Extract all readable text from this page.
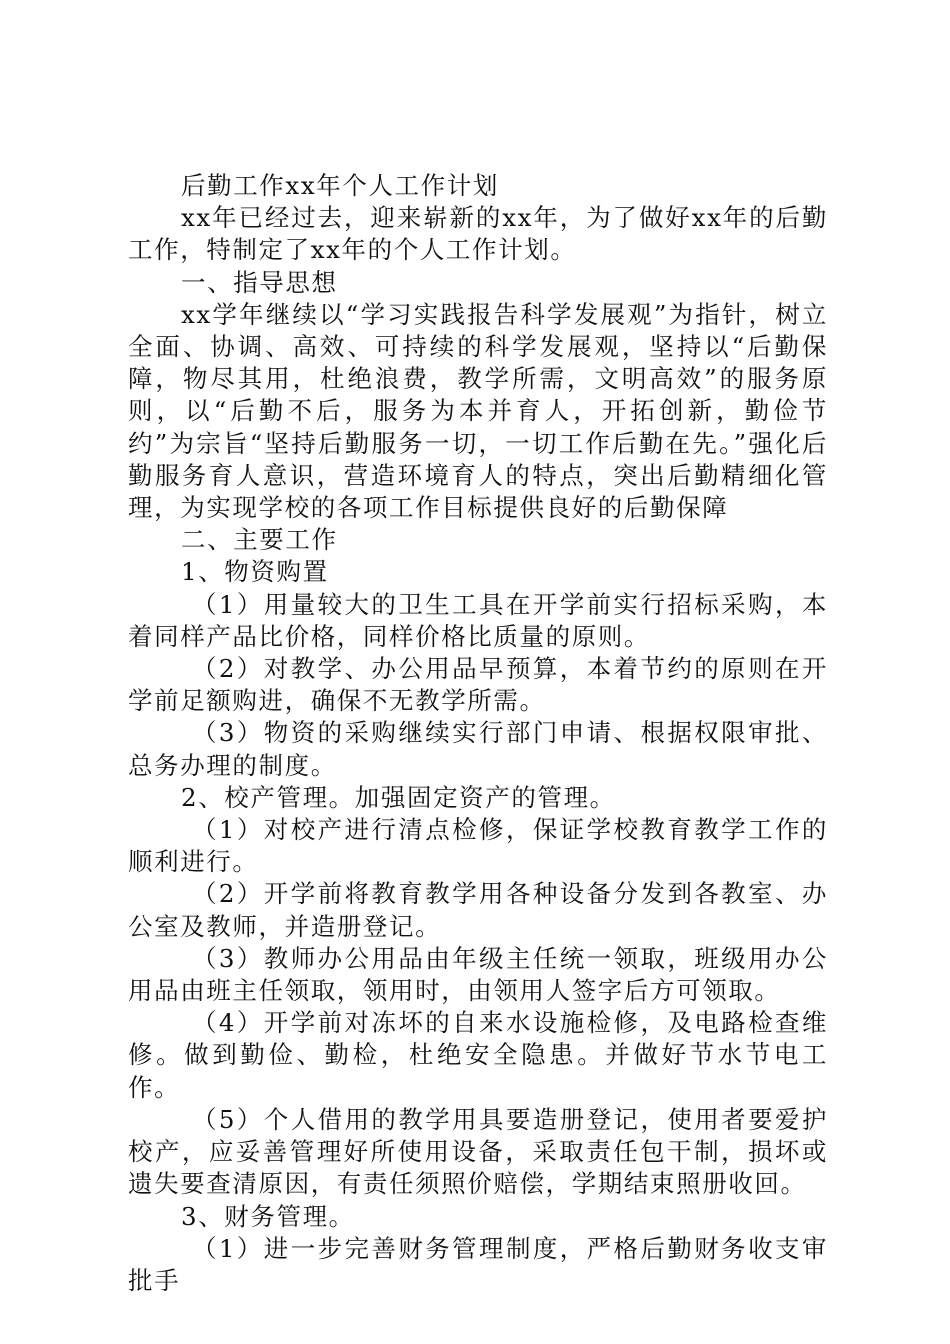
后勤工作xx年个人工作计划

xx年已经过去，迎来崭新的xx年，为了做好xx年的后勤工作，特制定了xx年的个人工作计划。

一、指导思想

xx学年继续以“学习实践报告科学发展观”为指针，树立全面、协调、高效、可持续的科学发展观，坚持以“后勤保障，物尽其用，杜绝浪费，教学所需，文明高效”的服务原则，以“后勤不后，服务为本并育人，开拓创新，勤俭节约”为宗旨“坚持后勤服务一切，一切工作后勤在先。”强化后勤服务育人意识，营造环境育人的特点，突出后勤精细化管理，为实现学校的各项工作目标提供良好的后勤保障

二、主要工作

1、物资购置

（1）用量较大的卫生工具在开学前实行招标采购，本着同样产品比价格，同样价格比质量的原则。

（2）对教学、办公用品早预算，本着节约的原则在开学前足额购进，确保不无教学所需。

（3）物资的采购继续实行部门申请、根据权限审批、总务办理的制度。

2、校产管理。加强固定资产的管理。

（1）对校产进行清点检修，保证学校教育教学工作的顺利进行。

（2）开学前将教育教学用各种设备分发到各教室、办公室及教师，并造册登记。

（3）教师办公用品由年级主任统一领取，班级用办公用品由班主任领取，领用时，由领用人签字后方可领取。

（4）开学前对冻坏的自来水设施检修，及电路检查维修。做到勤俭、勤检，杜绝安全隐患。并做好节水节电工作。

（5）个人借用的教学用具要造册登记，使用者要爱护校产，应妥善管理好所使用设备，采取责任包干制，损坏或遗失要查清原因，有责任须照价赔偿，学期结束照册收回。

3、财务管理。

（1）进一步完善财务管理制度，严格后勤财务收支审批手
